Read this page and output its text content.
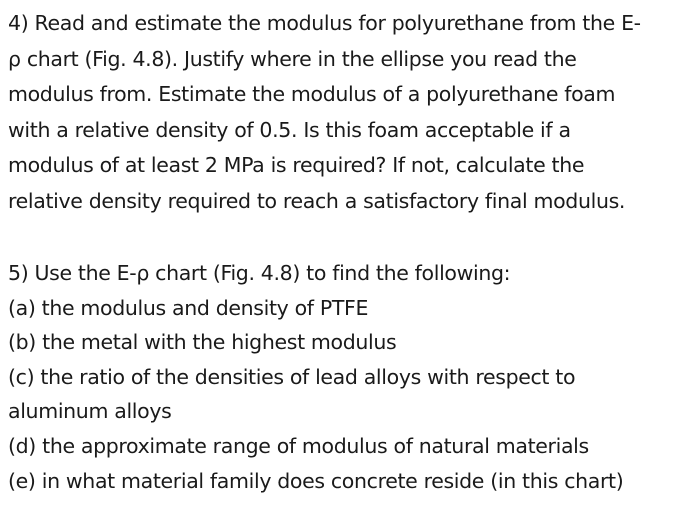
4) Read and estimate the modulus for polyurethane from the E-
ρ chart (Fig. 4.8). Justify where in the ellipse you read the
modulus from. Estimate the modulus of a polyurethane foam
with a relative density of 0.5. Is this foam acceptable if a
modulus of at least 2 MPa is required? If not, calculate the
relative density required to reach a satisfactory final modulus.
5) Use the E-ρ chart (Fig. 4.8) to find the following:
(a) the modulus and density of PTFE
(b) the metal with the highest modulus
(c) the ratio of the densities of lead alloys with respect to
aluminum alloys
(d) the approximate range of modulus of natural materials
(e) in what material family does concrete reside (in this chart)
